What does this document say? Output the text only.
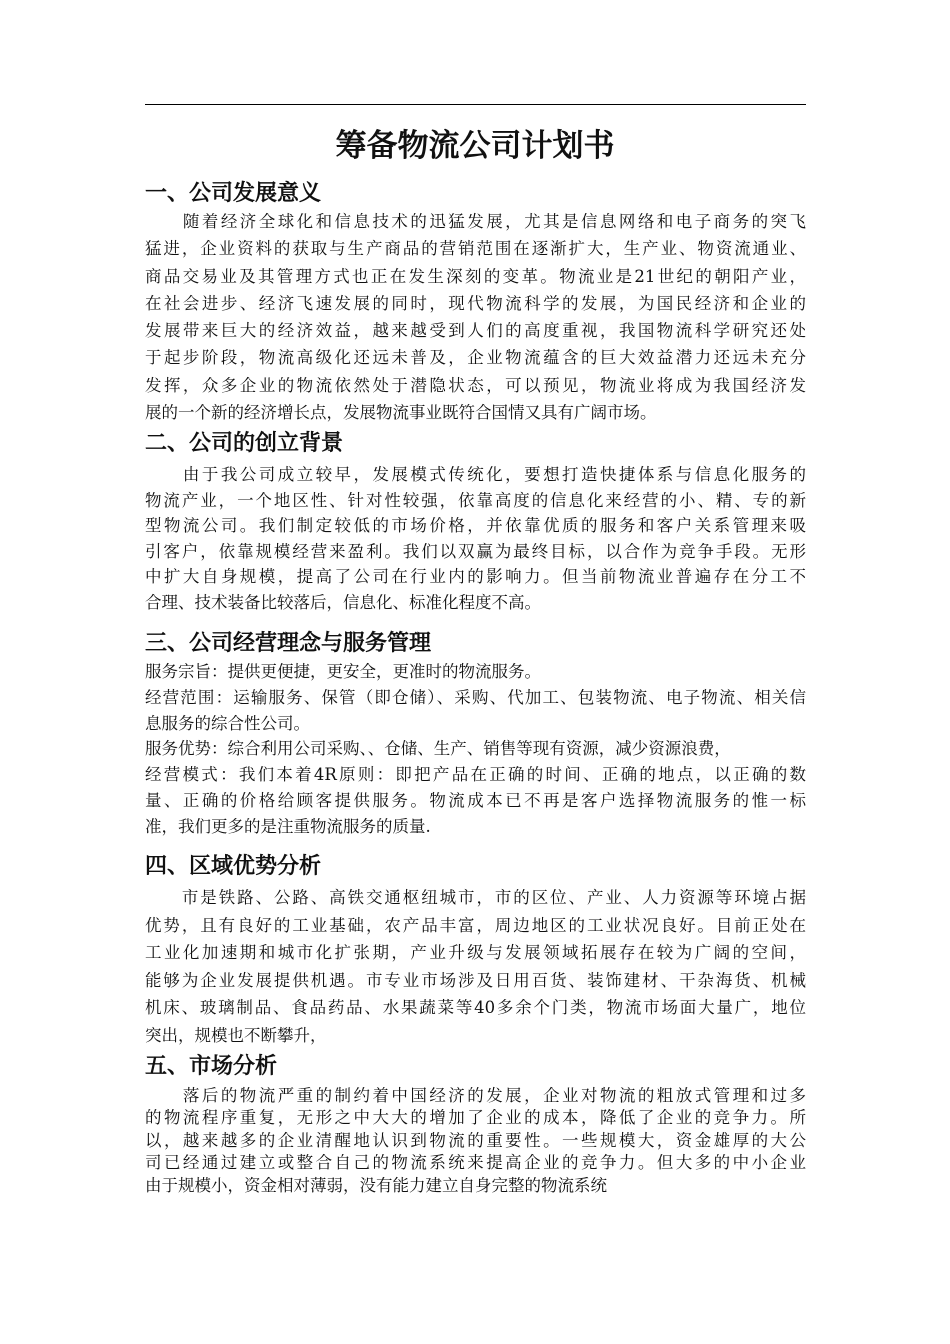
筹备物流公司计划书
一、公司发展意义
　　随着经济全球化和信息技术的迅猛发展，尤其是信息网络和电子商务的突飞
猛进，企业资料的获取与生产商品的营销范围在逐渐扩大，生产业、物资流通业、
商品交易业及其管理方式也正在发生深刻的变革。物流业是21世纪的朝阳产业，
在社会进步、经济飞速发展的同时，现代物流科学的发展，为国民经济和企业的
发展带来巨大的经济效益，越来越受到人们的高度重视，我国物流科学研究还处
于起步阶段，物流高级化还远未普及，企业物流蕴含的巨大效益潜力还远未充分
发挥，众多企业的物流依然处于潜隐状态，可以预见，物流业将成为我国经济发
展的一个新的经济增长点，发展物流事业既符合国情又具有广阔市场。
二、公司的创立背景
　　由于我公司成立较早，发展模式传统化，要想打造快捷体系与信息化服务的
物流产业，一个地区性、针对性较强，依靠高度的信息化来经营的小、精、专的新
型物流公司。我们制定较低的市场价格，并依靠优质的服务和客户关系管理来吸
引客户，依靠规模经营来盈利。我们以双赢为最终目标，以合作为竞争手段。无形
中扩大自身规模，提高了公司在行业内的影响力。但当前物流业普遍存在分工不
合理、技术装备比较落后，信息化、标准化程度不高。
三、公司经营理念与服务管理
服务宗旨：提供更便捷，更安全，更准时的物流服务。
经营范围：运输服务、保管（即仓储）、采购、代加工、包装物流、电子物流、相关信
息服务的综合性公司。
服务优势：综合利用公司采购、、仓储、生产、销售等现有资源，减少资源浪费，
经营模式：我们本着4R原则：即把产品在正确的时间、正确的地点，以正确的数
量、正确的价格给顾客提供服务。物流成本已不再是客户选择物流服务的惟一标
准，我们更多的是注重物流服务的质量.
四、区域优势分析
　　市是铁路、公路、高铁交通枢纽城市，市的区位、产业、人力资源等环境占据
优势，且有良好的工业基础，农产品丰富，周边地区的工业状况良好。目前正处在
工业化加速期和城市化扩张期，产业升级与发展领域拓展存在较为广阔的空间，
能够为企业发展提供机遇。市专业市场涉及日用百货、装饰建材、干杂海货、机械
机床、玻璃制品、食品药品、水果蔬菜等40多余个门类，物流市场面大量广，地位
突出，规模也不断攀升，
五、市场分析
　　落后的物流严重的制约着中国经济的发展，企业对物流的粗放式管理和过多
的物流程序重复，无形之中大大的增加了企业的成本，降低了企业的竞争力。所
以，越来越多的企业清醒地认识到物流的重要性。一些规模大，资金雄厚的大公
司已经通过建立或整合自己的物流系统来提高企业的竞争力。但大多的中小企业
由于规模小，资金相对薄弱，没有能力建立自身完整的物流系统
